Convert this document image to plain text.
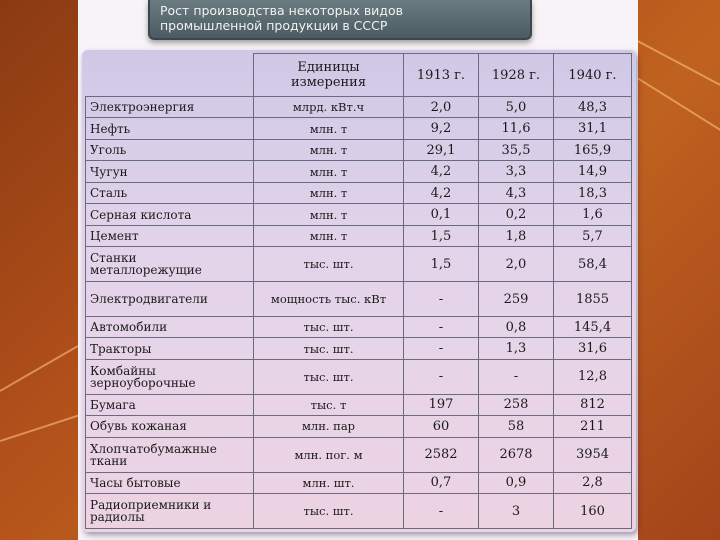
Рост производства некоторых видов
промышленной продукции в СССР
	Единицы измерения	1913 г.	1928 г.	1940 г.
Электроэнергия	млрд. кВт.ч	2,0	5,0	48,3
Нефть	млн. т	9,2	11,6	31,1
Уголь	млн. т	29,1	35,5	165,9
Чугун	млн. т	4,2	3,3	14,9
Сталь	млн. т	4,2	4,3	18,3
Серная кислота	млн. т	0,1	0,2	1,6
Цемент	млн. т	1,5	1,8	5,7
Станки металлорежущие	тыс. шт.	1,5	2,0	58,4
Электродвигатели	мощность тыс. кВт	-	259	1855
Автомобили	тыс. шт.	-	0,8	145,4
Тракторы	тыс. шт.	-	1,3	31,6
Комбайны зерноуборочные	тыс. шт.	-	-	12,8
Бумага	тыс. т	197	258	812
Обувь кожаная	млн. пар	60	58	211
Хлопчатобумажные ткани	млн. пог. м	2582	2678	3954
Часы бытовые	млн. шт.	0,7	0,9	2,8
Радиоприемники и радиолы	тыс. шт.	-	3	160
